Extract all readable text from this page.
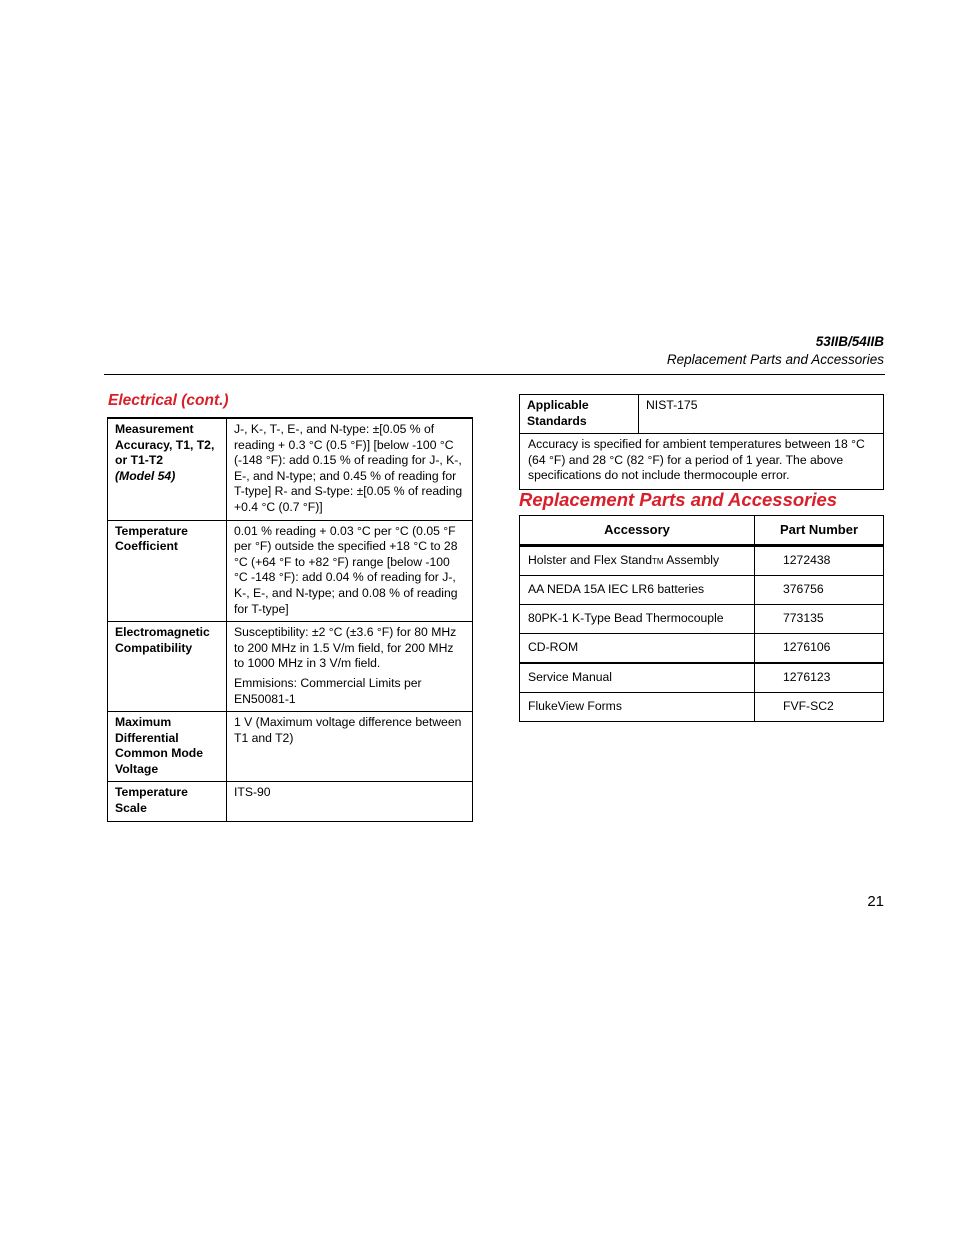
53IIB/54IIB
Replacement Parts and Accessories
Electrical (cont.)
Measurement Accuracy, T1, T2, or T1-T2
(Model 54)	J-, K-, T-, E-, and N-type: ±[0.05 % of reading + 0.3 °C (0.5 °F)] [below -100 °C (-148 °F): add 0.15 % of reading for J-, K-, E-, and N-type; and 0.45 % of reading for T-type] R- and S-type: ±[0.05 % of reading +0.4 °C (0.7 °F)]
Temperature Coefficient	0.01 % reading + 0.03 °C per °C (0.05 °F per °F) outside the specified +18 °C to 28 °C (+64 °F to +82 °F) range [below -100 °C -148 °F): add 0.04 % of reading for J-, K-, E-, and N-type; and 0.08 % of reading for T-type]
Electromagnetic Compatibility	Susceptibility: ±2 °C (±3.6 °F) for 80 MHz to 200 MHz in 1.5 V/m field, for 200 MHz to 1000 MHz in 3 V/m field.

Emmisions: Commercial Limits per EN50081-1

Maximum Differential Common Mode Voltage	1 V (Maximum voltage difference between T1 and T2)
Temperature Scale	ITS-90
Applicable Standards	NIST-175
Accuracy is specified for ambient temperatures between 18 °C (64 °F) and 28 °C (82 °F) for a period of 1 year. The above specifications do not include thermocouple error.
Replacement Parts and Accessories
Accessory	Part Number
Holster and Flex StandTM Assembly	1272438
AA NEDA 15A IEC LR6 batteries	376756
80PK-1 K-Type Bead Thermocouple	773135
CD-ROM	1276106
Service Manual	1276123
FlukeView Forms	FVF-SC2
21
